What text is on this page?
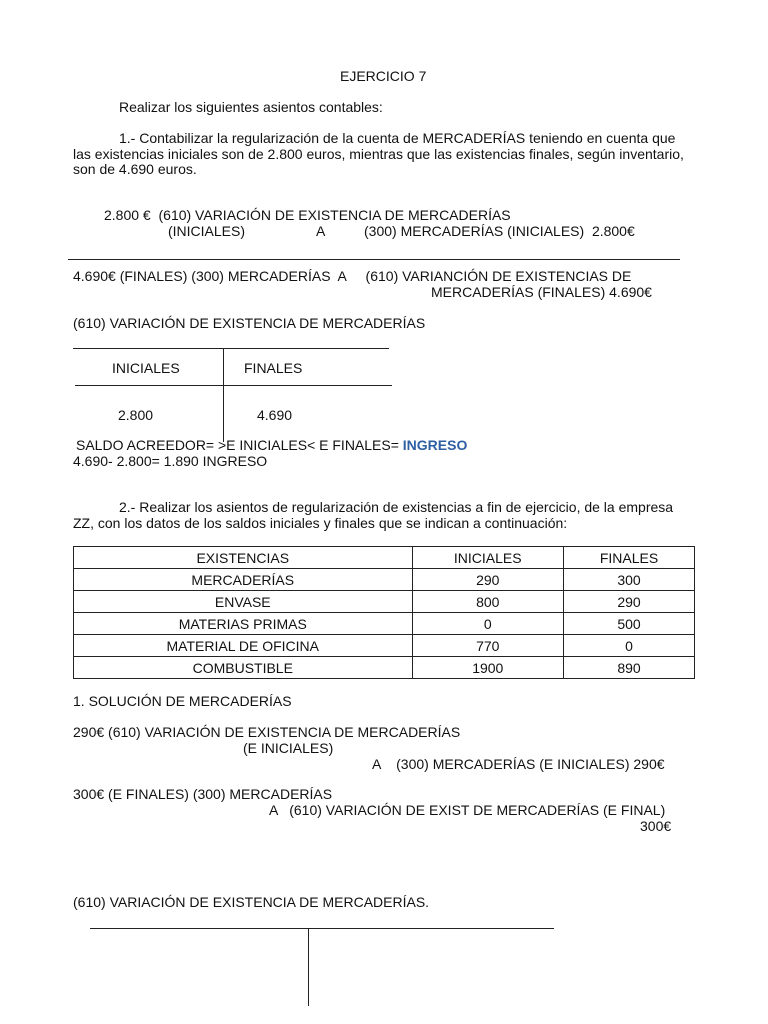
EJERCICIO 7
Realizar los siguientes asientos contables:
1.- Contabilizar la regularización de la cuenta de MERCADERÍAS teniendo en cuenta que
las existencias iniciales son de 2.800 euros, mientras que las existencias finales, según inventario,
son de 4.690 euros.
2.800 €  (610) VARIACIÓN DE EXISTENCIA DE MERCADERÍAS
(INICIALES)	A	(300) MERCADERÍAS (INICIALES)  2.800€
4.690€ (FINALES) (300) MERCADERÍAS  A     (610) VARIANCIÓN DE EXISTENCIAS DE
MERCADERÍAS (FINALES) 4.690€
(610) VARIACIÓN DE EXISTENCIA DE MERCADERÍAS
INICIALES	FINALES
2.800	4.690
SALDO ACREEDOR= >E INICIALES< E FINALES= INGRESO
4.690- 2.800= 1.890 INGRESO
2.- Realizar los asientos de regularización de existencias a fin de ejercicio, de la empresa
ZZ, con los datos de los saldos iniciales y finales que se indican a continuación:
EXISTENCIAS	INICIALES	FINALES
MERCADERÍAS	290	300
ENVASE	800	290
MATERIAS PRIMAS	0	500
MATERIAL DE OFICINA	770	0
COMBUSTIBLE	1900	890
1. SOLUCIÓN DE MERCADERÍAS
290€ (610) VARIACIÓN DE EXISTENCIA DE MERCADERÍAS
(E INICIALES)
A    (300) MERCADERÍAS (E INICIALES) 290€
300€ (E FINALES) (300) MERCADERÍAS
A   (610) VARIACIÓN DE EXIST DE MERCADERÍAS (E FINAL)
300€
(610) VARIACIÓN DE EXISTENCIA DE MERCADERÍAS.
